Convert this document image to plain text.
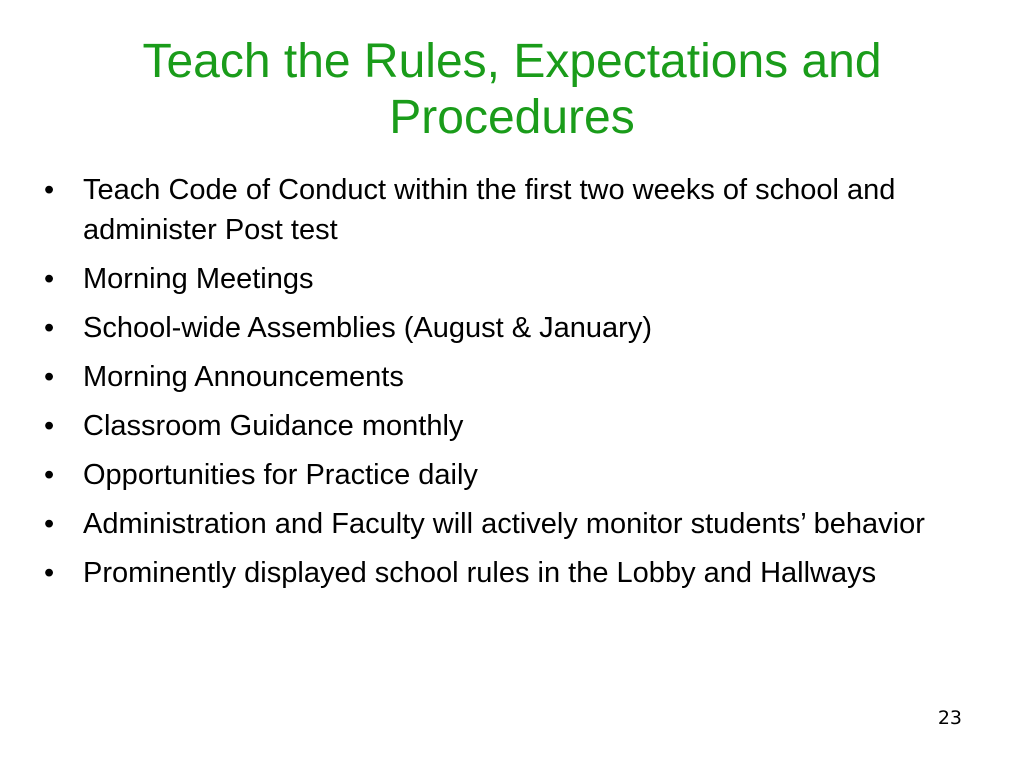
Teach the Rules, Expectations and Procedures
• Teach Code of Conduct within the first two weeks of school and administer Post test
• Morning Meetings
• School-wide Assemblies (August & January)
• Morning Announcements
• Classroom Guidance monthly
• Opportunities for Practice daily
• Administration and Faculty will actively monitor students’ behavior
• Prominently displayed school rules in the Lobby and Hallways
23
